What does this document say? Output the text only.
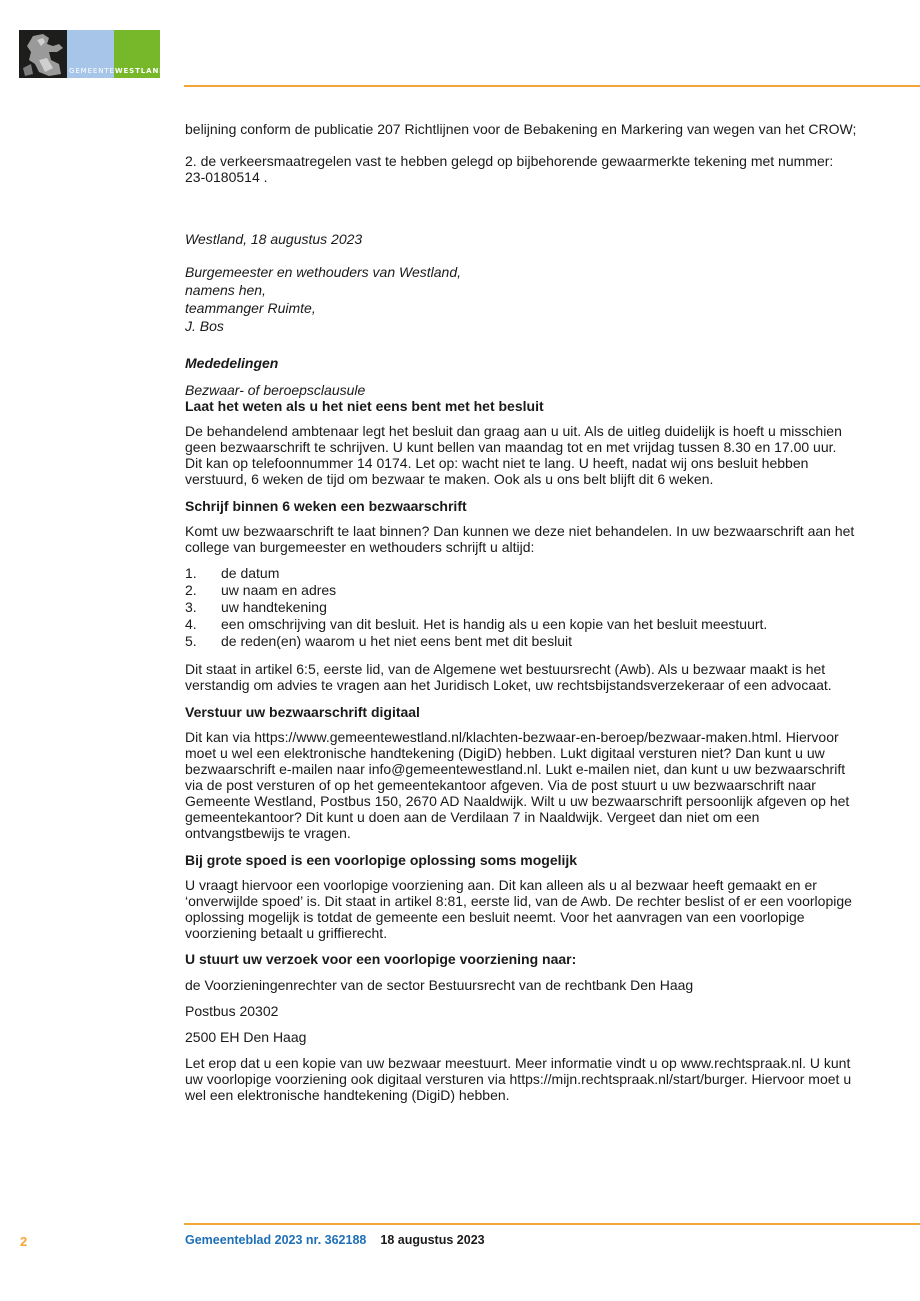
GEMEENTEWESTLAND

belijning conform de publicatie 207 Richtlijnen voor de Bebakening en Markering van wegen van het CROW;

2. de verkeersmaatregelen vast te hebben gelegd op bijbehorende gewaarmerkte tekening met nummer: 23-0180514 .

Westland, 18 augustus 2023

Burgemeester en wethouders van Westland,

namens hen,

teammanger Ruimte,

J. Bos

Mededelingen

Bezwaar- of beroepsclausule

Laat het weten als u het niet eens bent met het besluit

De behandelend ambtenaar legt het besluit dan graag aan u uit. Als de uitleg duidelijk is hoeft u misschien geen bezwaarschrift te schrijven. U kunt bellen van maandag tot en met vrijdag tussen 8.30 en 17.00 uur. Dit kan op telefoonnummer 14 0174. Let op: wacht niet te lang. U heeft, nadat wij ons besluit hebben verstuurd, 6 weken de tijd om bezwaar te maken. Ook als u ons belt blijft dit 6 weken.

Schrijf binnen 6 weken een bezwaarschrift

Komt uw bezwaarschrift te laat binnen? Dan kunnen we deze niet behandelen. In uw bezwaarschrift aan het college van burgemeester en wethouders schrijft u altijd:

1.	de datum
2.	uw naam en adres
3.	uw handtekening
4.	een omschrijving van dit besluit. Het is handig als u een kopie van het besluit meestuurt.
5.	de reden(en) waarom u het niet eens bent met dit besluit

Dit staat in artikel 6:5, eerste lid, van de Algemene wet bestuursrecht (Awb). Als u bezwaar maakt is het verstandig om advies te vragen aan het Juridisch Loket, uw rechtsbijstandsverzekeraar of een advocaat.

Verstuur uw bezwaarschrift digitaal

Dit kan via https://www.gemeentewestland.nl/klachten-bezwaar-en-beroep/bezwaar-maken.html. Hiervoor moet u wel een elektronische handtekening (DigiD) hebben. Lukt digitaal versturen niet? Dan kunt u uw bezwaarschrift e-mailen naar info@gemeentewestland.nl. Lukt e-mailen niet, dan kunt u uw bezwaarschrift via de post versturen of op het gemeentekantoor afgeven. Via de post stuurt u uw bezwaarschrift naar Gemeente Westland, Postbus 150, 2670 AD Naaldwijk. Wilt u uw bezwaarschrift persoonlijk afgeven op het gemeentekantoor? Dit kunt u doen aan de Verdilaan 7 in Naaldwijk. Vergeet dan niet om een ontvangstbewijs te vragen.

Bij grote spoed is een voorlopige oplossing soms mogelijk

U vraagt hiervoor een voorlopige voorziening aan. Dit kan alleen als u al bezwaar heeft gemaakt en er ‘onverwijlde spoed’ is. Dit staat in artikel 8:81, eerste lid, van de Awb. De rechter beslist of er een voorlopige oplossing mogelijk is totdat de gemeente een besluit neemt. Voor het aanvragen van een voorlopige voorziening betaalt u griffierecht.

U stuurt uw verzoek voor een voorlopige voorziening naar:

de Voorzieningenrechter van de sector Bestuursrecht van de rechtbank Den Haag

Postbus 20302

2500 EH Den Haag

Let erop dat u een kopie van uw bezwaar meestuurt. Meer informatie vindt u op www.rechtspraak.nl. U kunt uw voorlopige voorziening ook digitaal versturen via https://mijn.rechtspraak.nl/start/burger. Hiervoor moet u wel een elektronische handtekening (DigiD) hebben.

2	Gemeenteblad 2023 nr. 362188 18 augustus 2023
